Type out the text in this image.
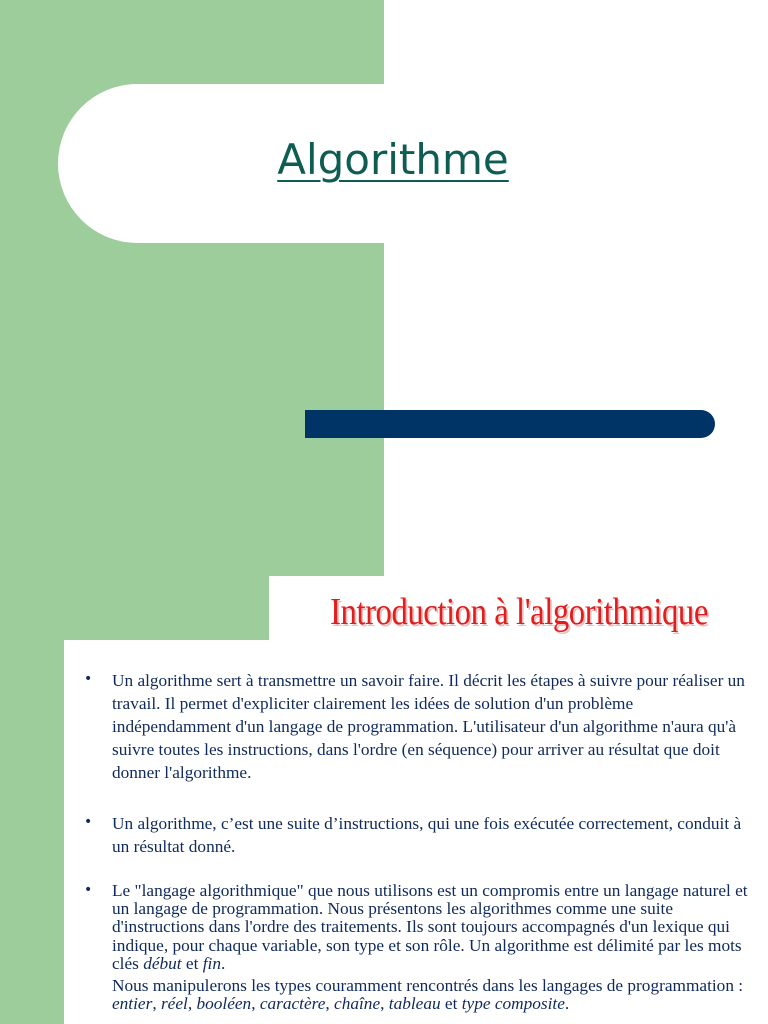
Algorithme
Introduction à l'algorithmique
• Un algorithme sert à transmettre un savoir faire. Il décrit les étapes à suivre pour réaliser un travail. Il permet d'expliciter clairement les idées de solution d'un problème indépendamment d'un langage de programmation. L'utilisateur d'un algorithme n'aura qu'à suivre toutes les instructions, dans l'ordre (en séquence) pour arriver au résultat que doit donner l'algorithme.
• Un algorithme, c’est une suite d’instructions, qui une fois exécutée correctement, conduit à un résultat donné.
• Le "langage algorithmique" que nous utilisons est un compromis entre un langage naturel et un langage de programmation. Nous présentons les algorithmes comme une suite d'instructions dans l'ordre des traitements. Ils sont toujours accompagnés d'un lexique qui indique, pour chaque variable, son type et son rôle. Un algorithme est délimité par les mots clés début et fin.
Nous manipulerons les types couramment rencontrés dans les langages de programmation : entier, réel, booléen, caractère, chaîne, tableau et type composite.
